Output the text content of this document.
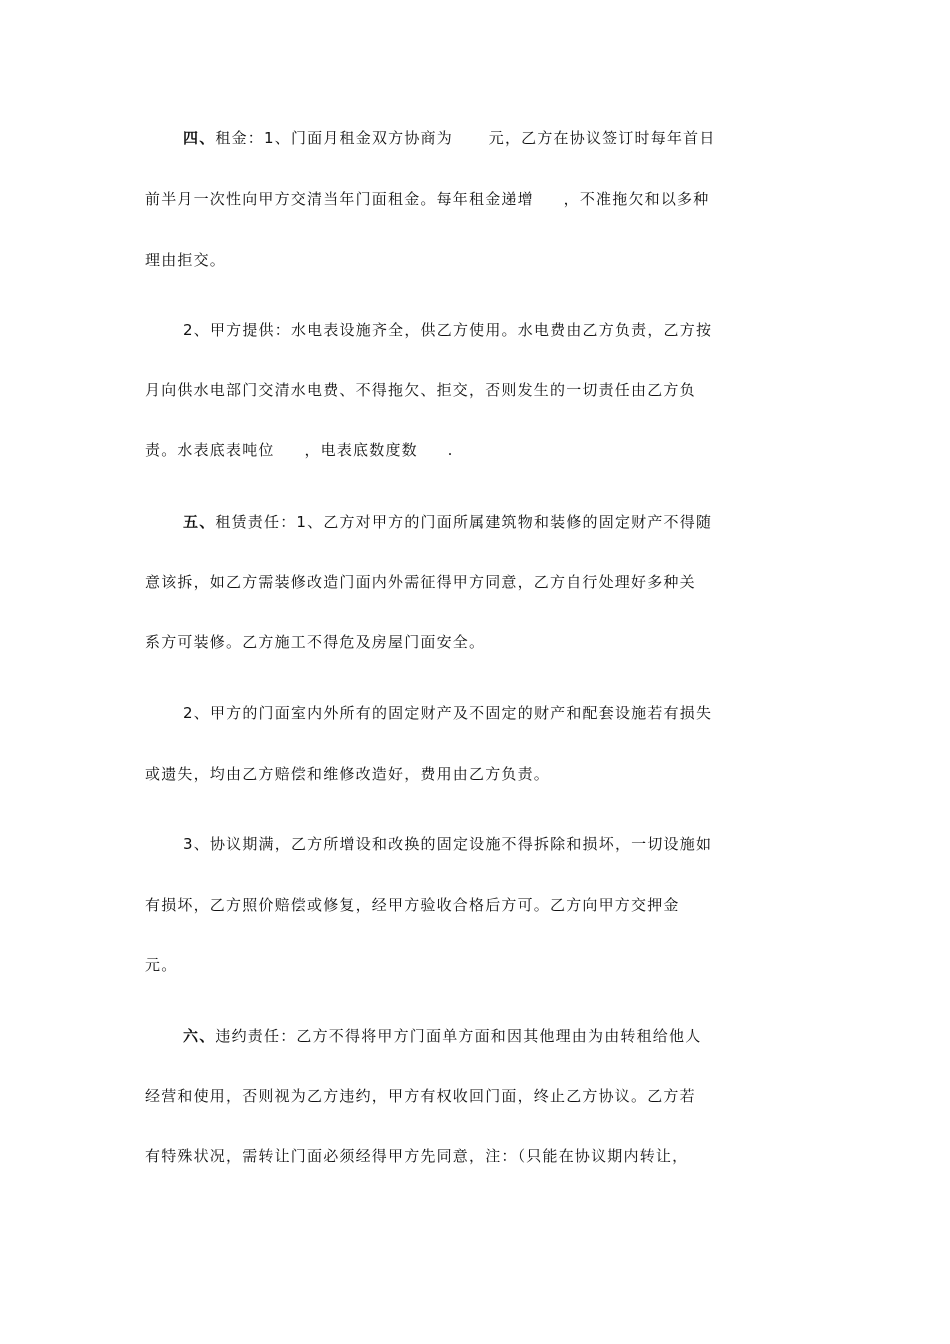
四、租金：1、门面月租金双方协商为      元，乙方在协议签订时每年首日
前半月一次性向甲方交清当年门面租金。每年租金递增     ，不准拖欠和以多种
理由拒交。
2、甲方提供：水电表设施齐全，供乙方使用。水电费由乙方负责，乙方按
月向供水电部门交清水电费、不得拖欠、拒交，否则发生的一切责任由乙方负
责。水表底表吨位     ，电表底数度数     .
五、租赁责任：1、乙方对甲方的门面所属建筑物和装修的固定财产不得随
意该拆，如乙方需装修改造门面内外需征得甲方同意，乙方自行处理好多种关
系方可装修。乙方施工不得危及房屋门面安全。
2、甲方的门面室内外所有的固定财产及不固定的财产和配套设施若有损失
或遗失，均由乙方赔偿和维修改造好，费用由乙方负责。
3、协议期满，乙方所增设和改换的固定设施不得拆除和损坏，一切设施如
有损坏，乙方照价赔偿或修复，经甲方验收合格后方可。乙方向甲方交押金
元。
六、违约责任：乙方不得将甲方门面单方面和因其他理由为由转租给他人
经营和使用，否则视为乙方违约，甲方有权收回门面，终止乙方协议。乙方若
有特殊状况，需转让门面必须经得甲方先同意，注：（只能在协议期内转让，
